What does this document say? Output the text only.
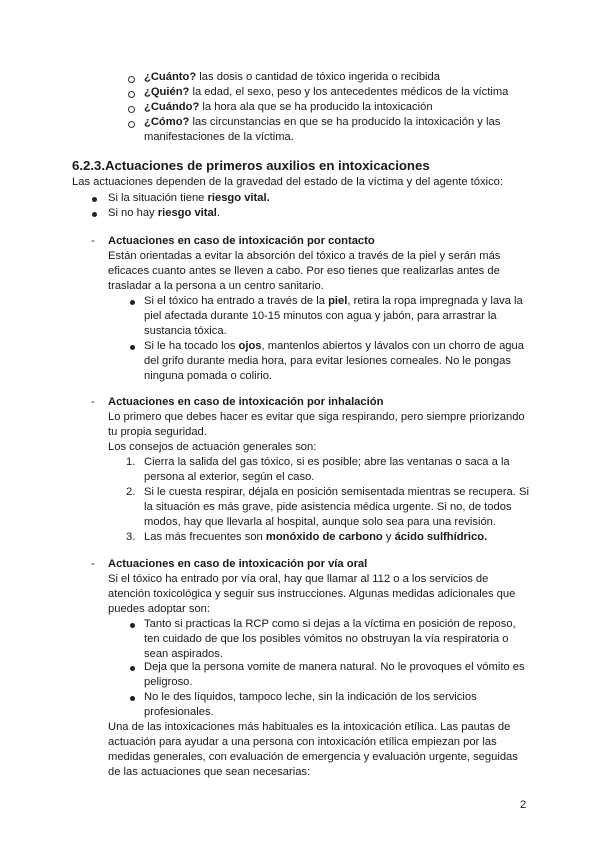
¿Cuánto? las dosis o cantidad de tóxico ingerida o recibida
¿Quién? la edad, el sexo, peso y los antecedentes médicos de la víctima
¿Cuándo? la hora ala que se ha producido la intoxicación
¿Cómo? las circunstancias en que se ha producido la intoxicación y las
manifestaciones de la víctima.
6.2.3.Actuaciones de primeros auxilios en intoxicaciones
Las actuaciones dependen de la gravedad del estado de la víctima y del agente tóxico:
Si la situación tiene riesgo vital.
Si no hay riesgo vital.
- Actuaciones en caso de intoxicación por contacto
Están orientadas a evitar la absorción del tóxico a través de la piel y serán más
eficaces cuanto antes se lleven a cabo. Por eso tienes que realizarlas antes de
trasladar a la persona a un centro sanitario.
Si el tóxico ha entrado a través de la piel, retira la ropa impregnada y lava la
piel afectada durante 10-15 minutos con agua y jabón, para arrastrar la
sustancia tóxica.
Si le ha tocado los ojos, mantenlos abiertos y lávalos con un chorro de agua
del grifo durante media hora, para evitar lesiones corneales. No le pongas
ninguna pomada o colirio.
- Actuaciones en caso de intoxicación por inhalación
Lo primero que debes hacer es evitar que siga respirando, pero siempre priorizando
tu propia seguridad.
Los consejos de actuación generales son:
1. Cierra la salida del gas tóxico, si es posible; abre las ventanas o saca a la
persona al exterior, según el caso.
2. Si le cuesta respirar, déjala en posición semisentada mientras se recupera. Si
la situación es más grave, pide asistencia médica urgente. Si no, de todos
modos, hay que llevarla al hospital, aunque solo sea para una revisión.
3. Las más frecuentes son monóxido de carbono y ácido sulfhídrico.
- Actuaciones en caso de intoxicación por vía oral
Si el tóxico ha entrado por vía oral, hay que llamar al 112 o a los servicios de
atención toxicológica y seguir sus instrucciones. Algunas medidas adicionales que
puedes adoptar son:
Tanto si practicas la RCP como si dejas a la víctima en posición de reposo,
ten cuidado de que los posibles vómitos no obstruyan la vía respiratoria o
sean aspirados.
Deja que la persona vomite de manera natural. No le provoques el vómito es
peligroso.
No le des líquidos, tampoco leche, sin la indicación de los servicios
profesionales.
Una de las intoxicaciones más habituales es la intoxicación etílica. Las pautas de
actuación para ayudar a una persona con intoxicación etílica empiezan por las
medidas generales, con evaluación de emergencia y evaluación urgente, seguidas
de las actuaciones que sean necesarias:
2
